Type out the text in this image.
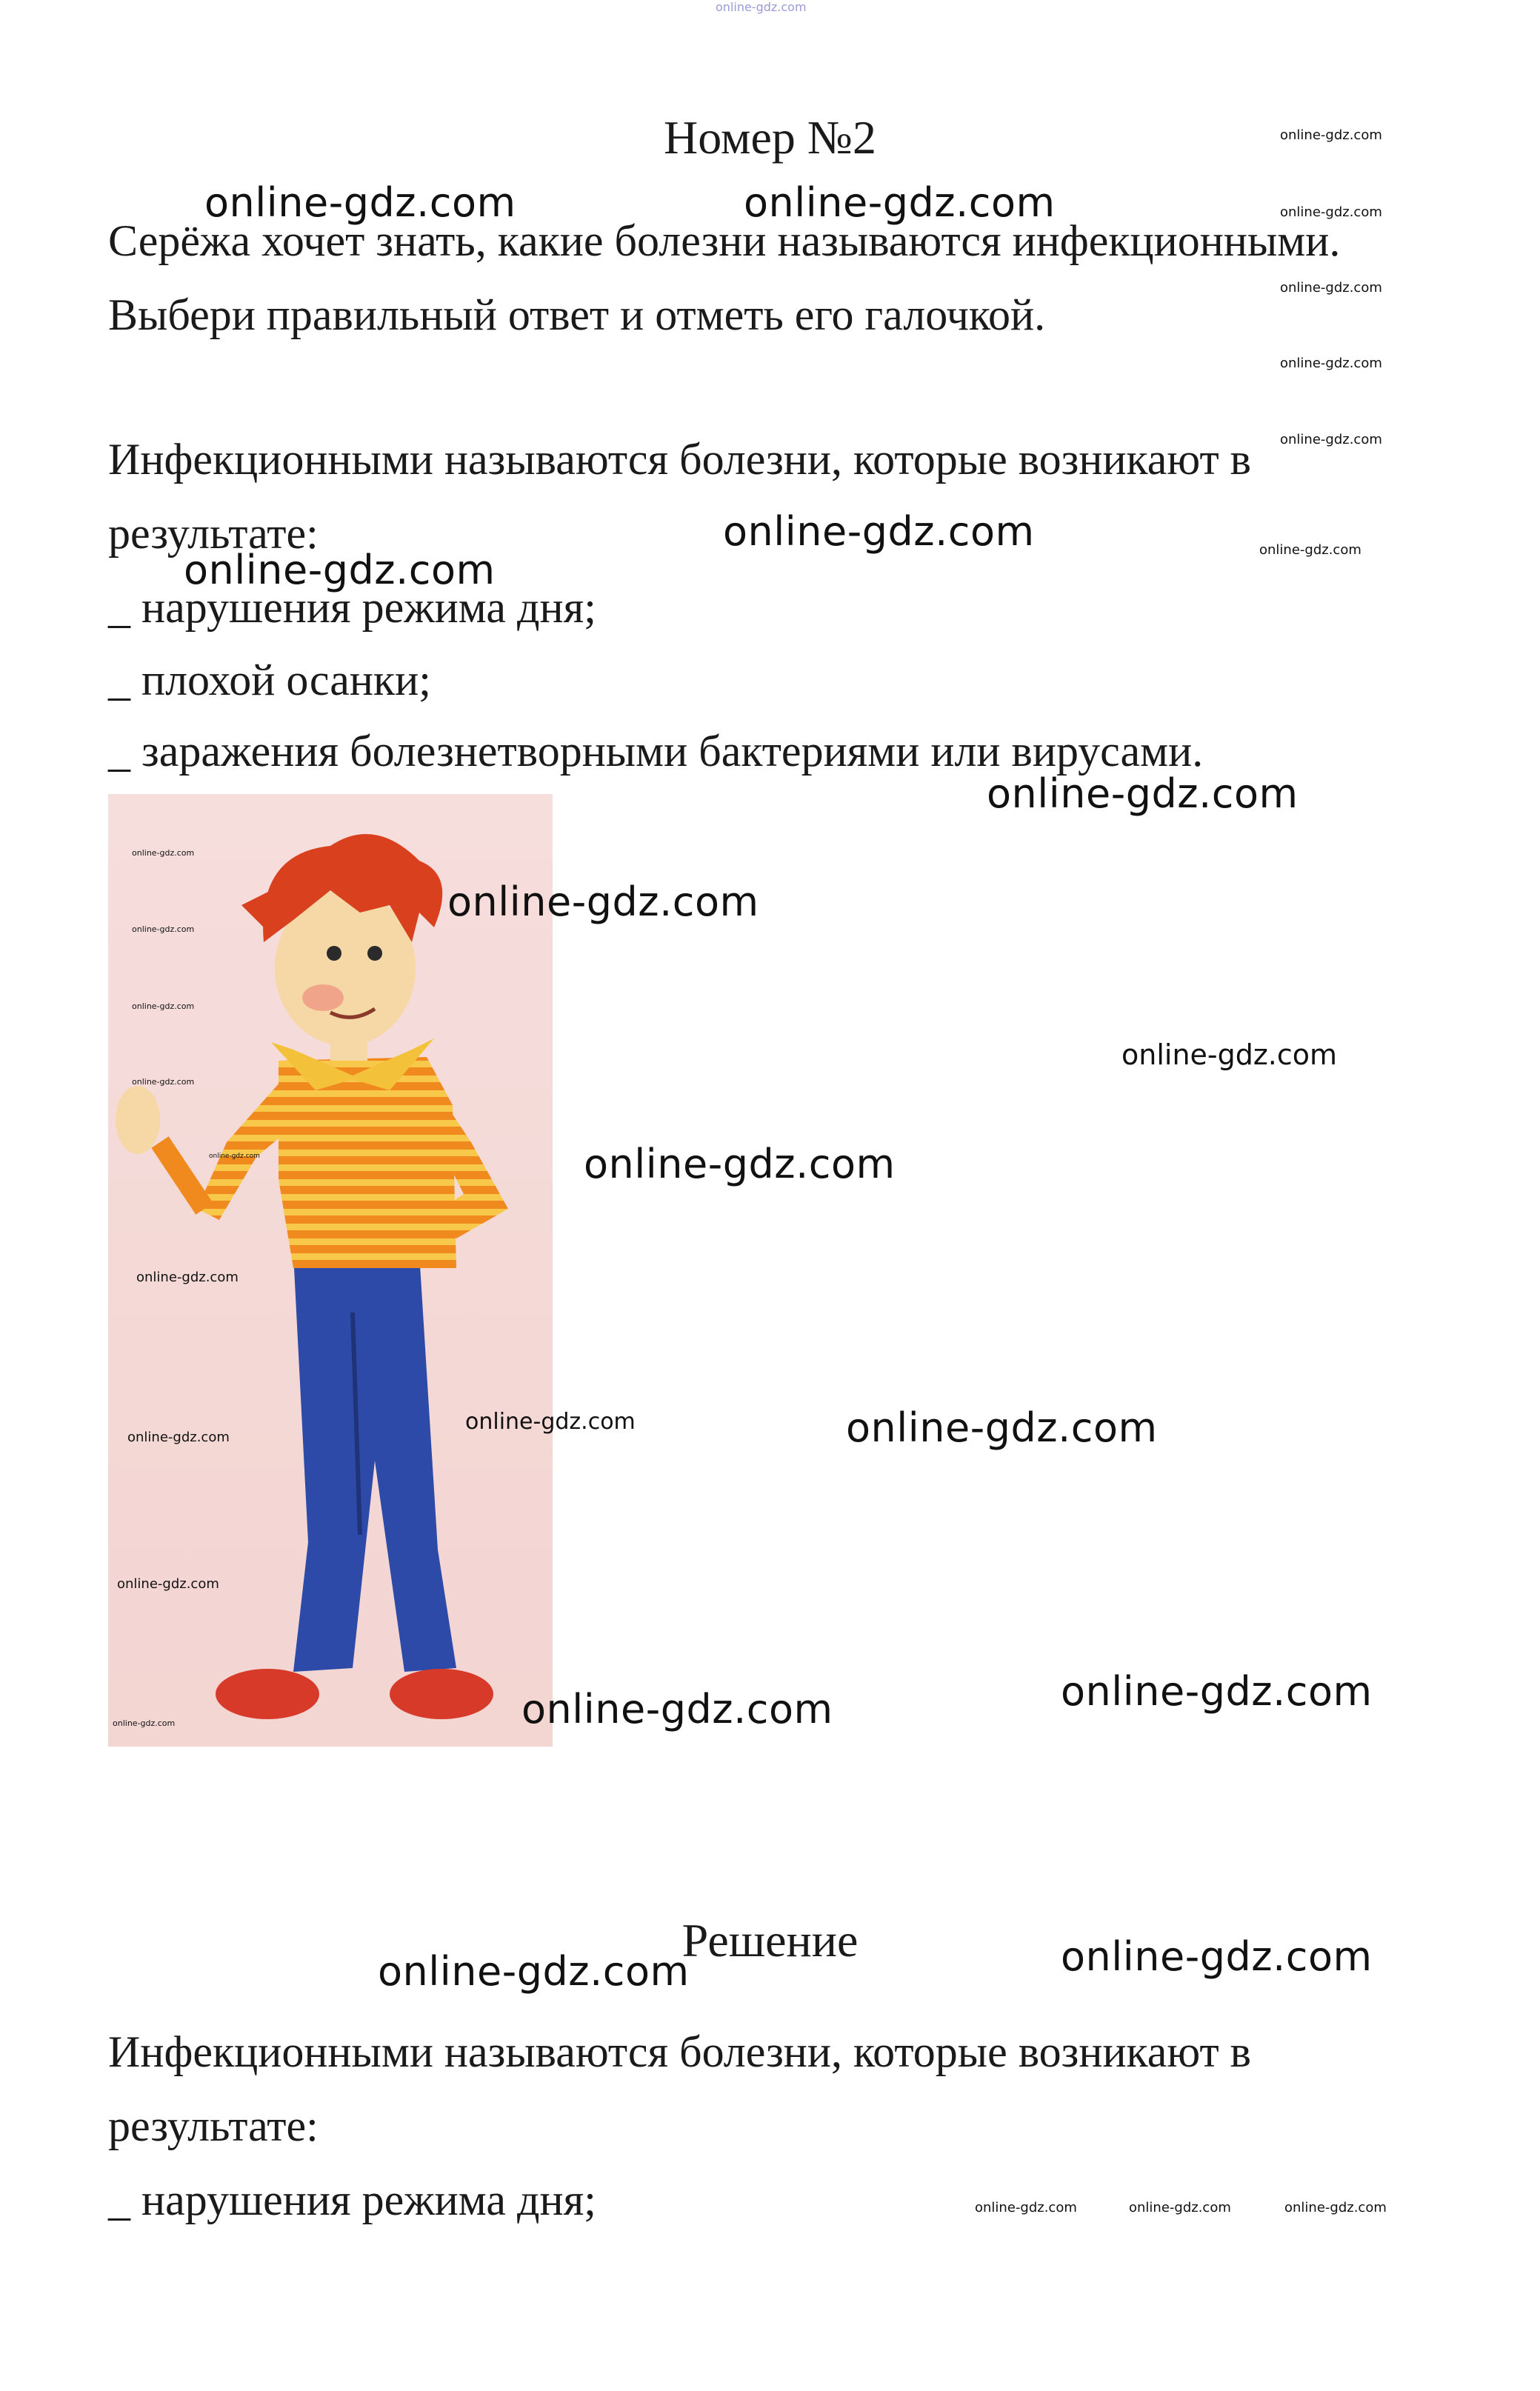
online-gdz.com
Номер №2

Серёжа хочет знать, какие болезни называются инфекционными. Выбери правильный ответ и отметь его галочкой.

Инфекционными называются болезни, которые возникают в результате:

_ нарушения режима дня;

_ плохой осанки;

_ заражения болезнетворными бактериями или вирусами.

online-gdz.com
online-gdz.com
online-gdz.com
online-gdz.com
online-gdz.com
online-gdz.com
online-gdz.com
online-gdz.com
online-gdz.com
Решение

Инфекционными называются болезни, которые возникают в результате:

_ нарушения режима дня;

online-gdz.com	online-gdz.com
online-gdz.com
online-gdz.com
online-gdz.com
online-gdz.com
online-gdz.com
online-gdz.com	online-gdz.com
online-gdz.com
online-gdz.com
online-gdz.com
online-gdz.com
online-gdz.com
online-gdz.com
online-gdz.com
online-gdz.com
online-gdz.com
online-gdz.com
online-gdz.com
online-gdz.com	online-gdz.com	online-gdz.com
